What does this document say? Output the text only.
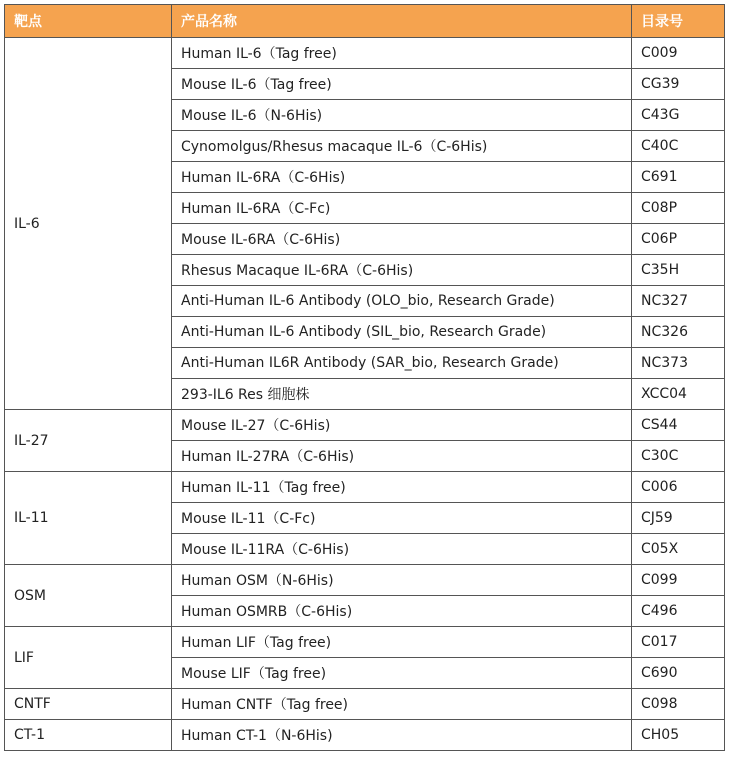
靶点	产品名称	目录号
IL-6	Human IL-6（Tag free)	C009
	Mouse IL-6（Tag free)	CG39
	Mouse IL-6（N-6His)	C43G
	Cynomolgus/Rhesus macaque IL-6（C-6His)	C40C
	Human IL-6RA（C-6His)	C691
	Human IL-6RA（C-Fc)	C08P
	Mouse IL-6RA（C-6His)	C06P
	Rhesus Macaque IL-6RA（C-6His)	C35H
	Anti-Human IL-6 Antibody (OLO_bio, Research Grade)	NC327
	Anti-Human IL-6 Antibody (SIL_bio, Research Grade)	NC326
	Anti-Human IL6R Antibody (SAR_bio, Research Grade)	NC373
	293-IL6 Res 细胞株	XCC04
IL-27	Mouse IL-27（C-6His)	CS44
	Human IL-27RA（C-6His)	C30C
IL-11	Human IL-11（Tag free)	C006
	Mouse IL-11（C-Fc)	CJ59
	Mouse IL-11RA（C-6His)	C05X
OSM	Human OSM（N-6His)	C099
	Human OSMRB（C-6His)	C496
LIF	Human LIF（Tag free)	C017
	Mouse LIF（Tag free)	C690
CNTF	Human CNTF（Tag free)	C098
CT-1	Human CT-1（N-6His)	CH05
